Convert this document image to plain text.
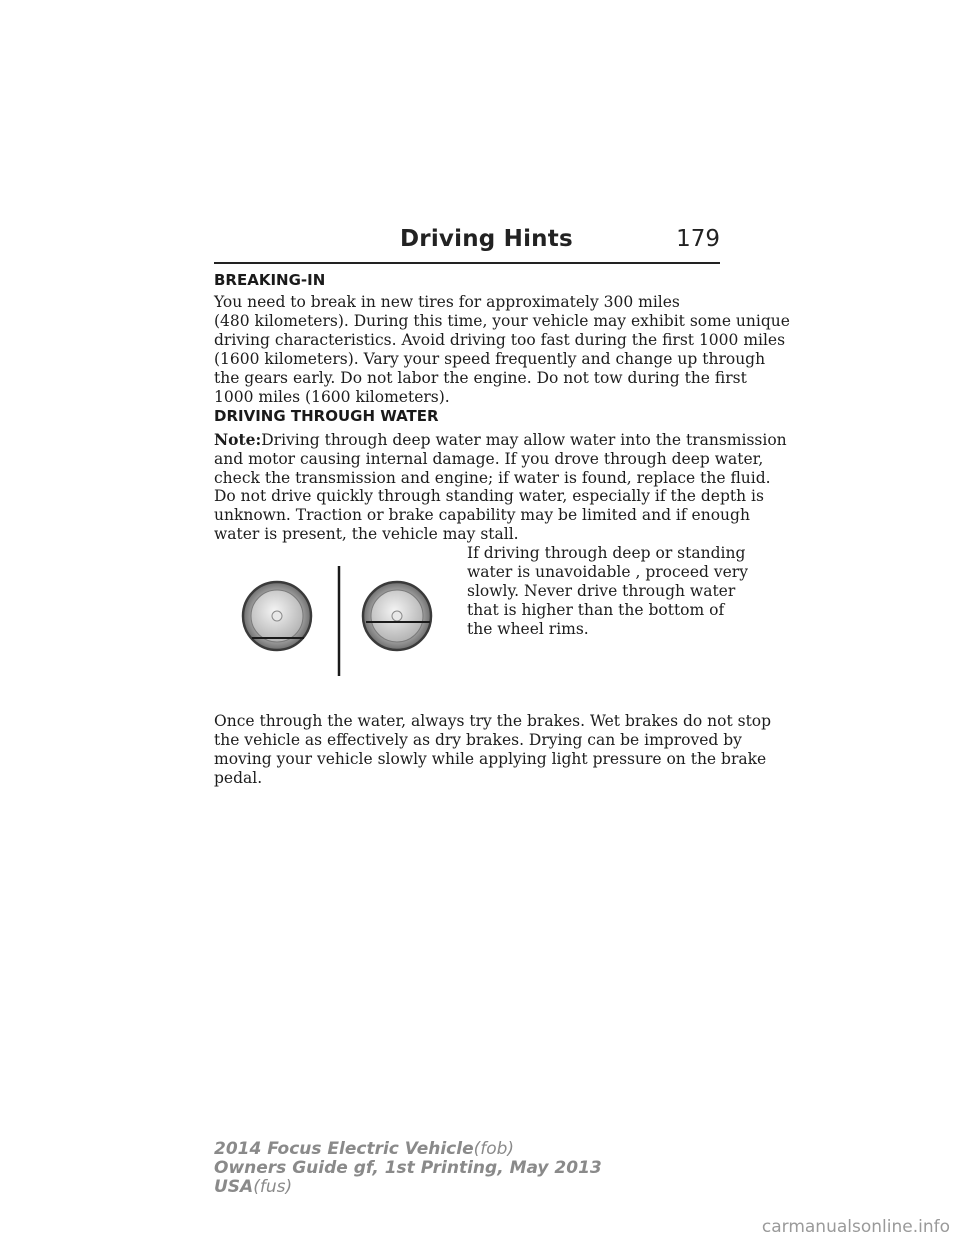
Driving Hints	179
BREAKING-IN

You need to break in new tires for approximately 300 miles
(480 kilometers). During this time, your vehicle may exhibit some unique
driving characteristics. Avoid driving too fast during the first 1000 miles
(1600 kilometers). Vary your speed frequently and change up through
the gears early. Do not labor the engine. Do not tow during the first
1000 miles (1600 kilometers).

DRIVING THROUGH WATER

Note:Driving through deep water may allow water into the transmission
and motor causing internal damage. If you drove through deep water,
check the transmission and engine; if water is found, replace the fluid.

Do not drive quickly through standing water, especially if the depth is
unknown. Traction or brake capability may be limited and if enough
water is present, the vehicle may stall.

If driving through deep or standing
water is unavoidable , proceed very
slowly. Never drive through water
that is higher than the bottom of
the wheel rims.

Once through the water, always try the brakes. Wet brakes do not stop
the vehicle as effectively as dry brakes. Drying can be improved by
moving your vehicle slowly while applying light pressure on the brake
pedal.

2014 Focus Electric Vehicle(fob)
Owners Guide gf, 1st Printing, May 2013
USA(fus)
carmanualsonline.info
